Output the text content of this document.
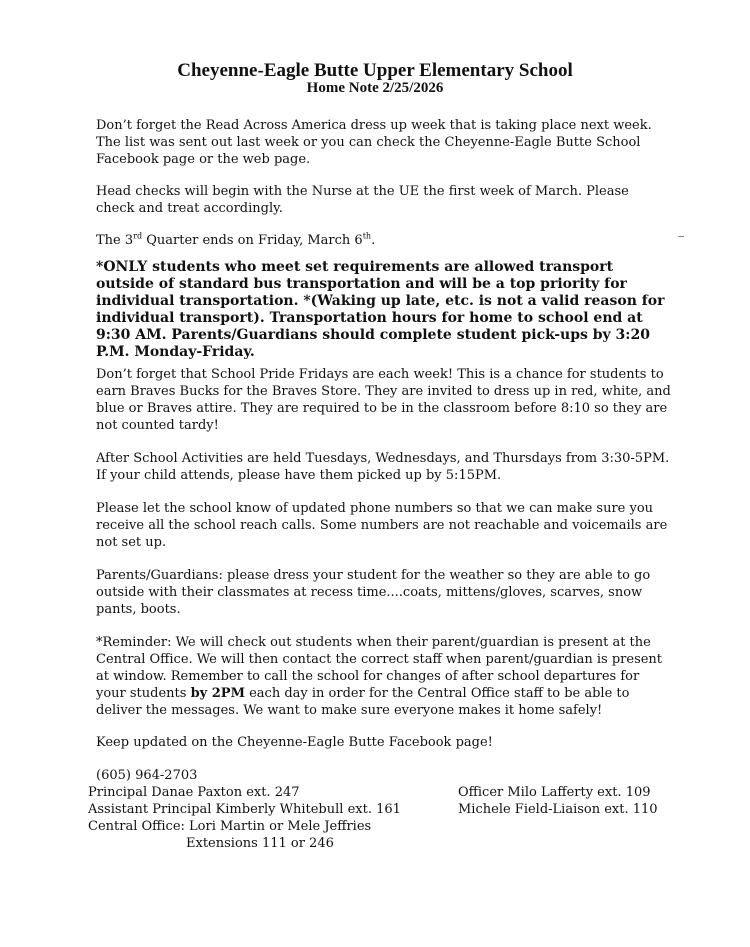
Cheyenne-Eagle Butte Upper Elementary School
Home Note 2/25/2026

Don’t forget the Read Across America dress up week that is taking place next week. The list was sent out last week or you can check the Cheyenne-Eagle Butte School Facebook page or the web page.

Head checks will begin with the Nurse at the UE the first week of March. Please check and treat accordingly.

The 3rd Quarter ends on Friday, March 6th.

*ONLY students who meet set requirements are allowed transport outside of standard bus transportation and will be a top priority for individual transportation. *(Waking up late, etc. is not a valid reason for individual transport). Transportation hours for home to school end at 9:30 AM. Parents/Guardians should complete student pick-ups by 3:20 P.M. Monday-Friday.

Don’t forget that School Pride Fridays are each week! This is a chance for students to earn Braves Bucks for the Braves Store. They are invited to dress up in red, white, and blue or Braves attire. They are required to be in the classroom before 8:10 so they are not counted tardy!

After School Activities are held Tuesdays, Wednesdays, and Thursdays from 3:30-5PM. If your child attends, please have them picked up by 5:15PM.

Please let the school know of updated phone numbers so that we can make sure you receive all the school reach calls. Some numbers are not reachable and voicemails are not set up.

Parents/Guardians: please dress your student for the weather so they are able to go outside with their classmates at recess time....coats, mittens/gloves, scarves, snow pants, boots.

*Reminder: We will check out students when their parent/guardian is present at the Central Office. We will then contact the correct staff when parent/guardian is present at window. Remember to call the school for changes of after school departures for your students by 2PM each day in order for the Central Office staff to be able to deliver the messages. We want to make sure everyone makes it home safely!

Keep updated on the Cheyenne-Eagle Butte Facebook page!

(605) 964-2703

Principal Danae Paxton ext. 247

Assistant Principal Kimberly Whitebull ext. 161

Central Office: Lori Martin or Mele Jeffries

Extensions 111 or 246

Officer Milo Lafferty ext. 109

Michele Field-Liaison ext. 110
